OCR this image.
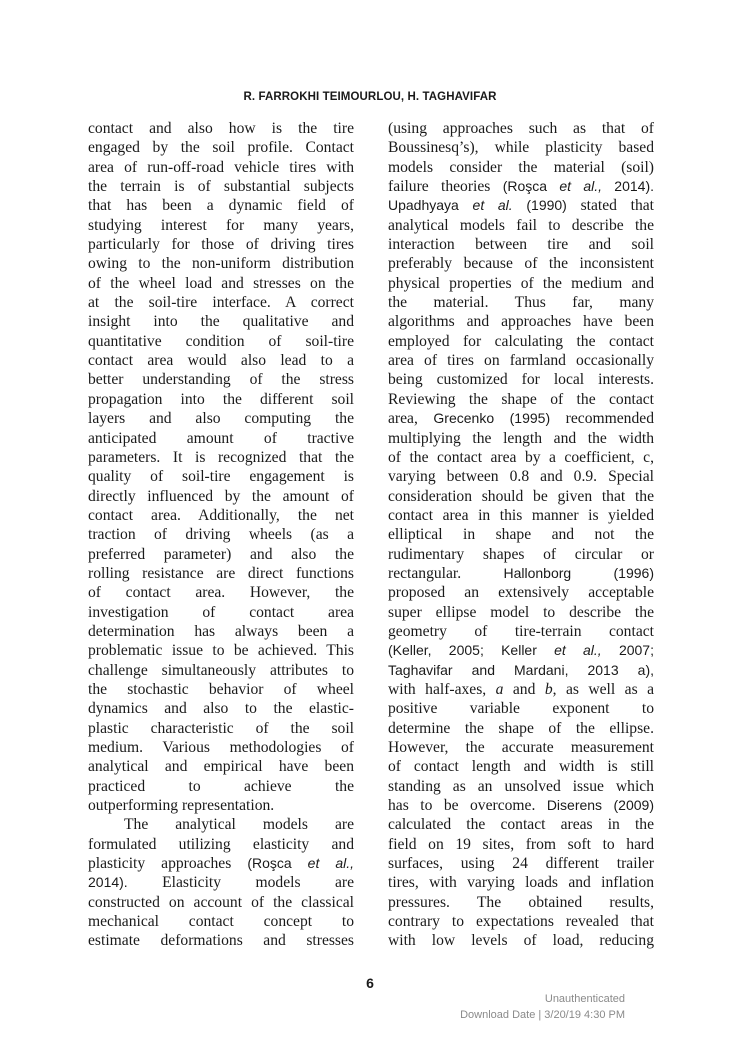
R. FARROKHI TEIMOURLOU, H. TAGHAVIFAR
contact and also how is the tire
engaged by the soil profile. Contact
area of run-off-road vehicle tires with
the terrain is of substantial subjects
that has been a dynamic field of
studying interest for many years,
particularly for those of driving tires
owing to the non-uniform distribution
of the wheel load and stresses on the
at the soil-tire interface. A correct
insight into the qualitative and
quantitative condition of soil-tire
contact area would also lead to a
better understanding of the stress
propagation into the different soil
layers and also computing the
anticipated amount of tractive
parameters. It is recognized that the
quality of soil-tire engagement is
directly influenced by the amount of
contact area. Additionally, the net
traction of driving wheels (as a
preferred parameter) and also the
rolling resistance are direct functions
of contact area. However, the
investigation of contact area
determination has always been a
problematic issue to be achieved. This
challenge simultaneously attributes to
the stochastic behavior of wheel
dynamics and also to the elastic-
plastic characteristic of the soil
medium. Various methodologies of
analytical and empirical have been
practiced to achieve the
outperforming representation.
The analytical models are
formulated utilizing elasticity and
plasticity approaches (Roşca et al.,
2014). Elasticity models are
constructed on account of the classical
mechanical contact concept to
estimate deformations and stresses
(using approaches such as that of
Boussinesq’s), while plasticity based
models consider the material (soil)
failure theories (Roşca et al., 2014).
Upadhyaya et al. (1990) stated that
analytical models fail to describe the
interaction between tire and soil
preferably because of the inconsistent
physical properties of the medium and
the material. Thus far, many
algorithms and approaches have been
employed for calculating the contact
area of tires on farmland occasionally
being customized for local interests.
Reviewing the shape of the contact
area, Grecenko (1995) recommended
multiplying the length and the width
of the contact area by a coefficient, c,
varying between 0.8 and 0.9. Special
consideration should be given that the
contact area in this manner is yielded
elliptical in shape and not the
rudimentary shapes of circular or
rectangular.	Hallonborg	(1996)
proposed an extensively acceptable
super ellipse model to describe the
geometry of tire-terrain contact
(Keller, 2005; Keller et al., 2007;
Taghavifar and Mardani, 2013 a),
with half-axes, a and b, as well as a
positive variable exponent to
determine the shape of the ellipse.
However, the accurate measurement
of contact length and width is still
standing as an unsolved issue which
has to be overcome. Diserens (2009)
calculated the contact areas in the
field on 19 sites, from soft to hard
surfaces, using 24 different trailer
tires, with varying loads and inflation
pressures. The obtained results,
contrary to expectations revealed that
with low levels of load, reducing
6
Unauthenticated
Download Date | 3/20/19 4:30 PM
